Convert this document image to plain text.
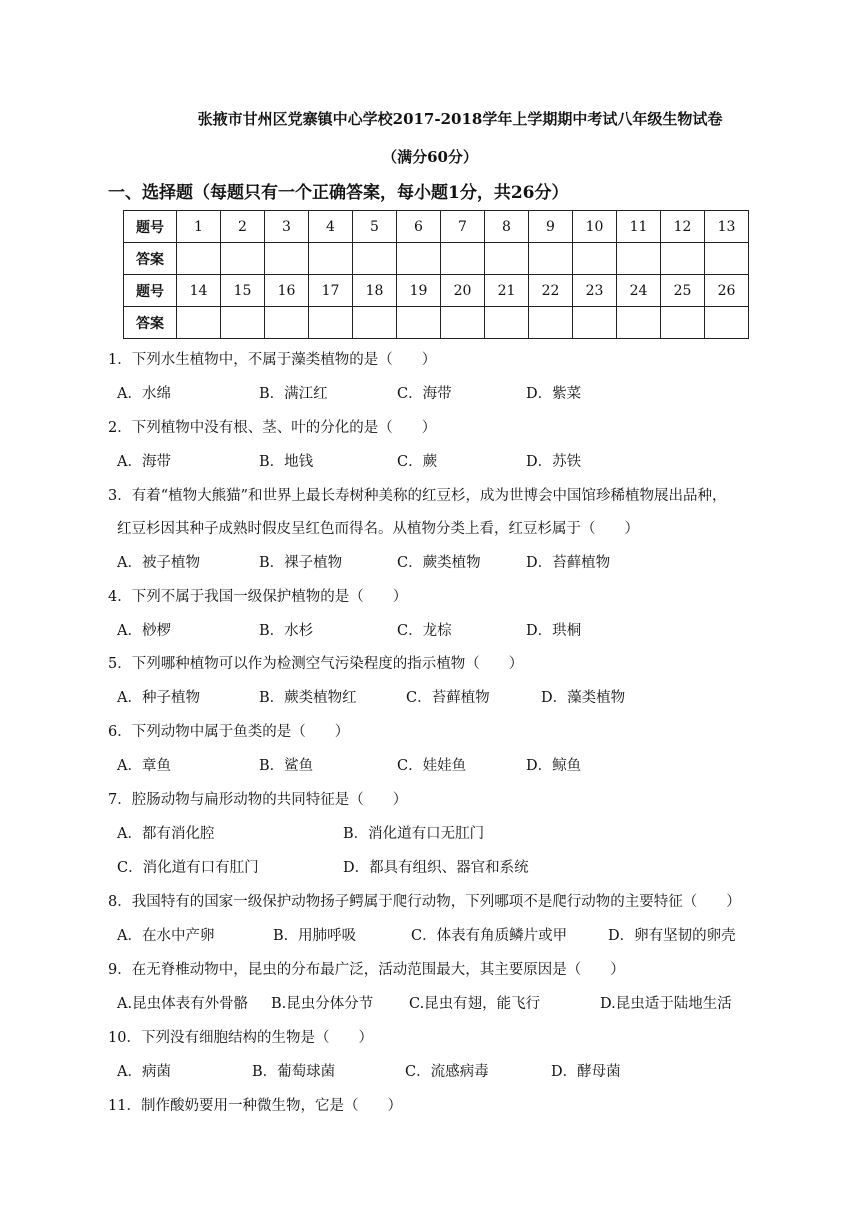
张掖市甘州区党寨镇中心学校2017-2018学年上学期期中考试八年级生物试卷
（满分60分）
一、选择题（每题只有一个正确答案，每小题1分，共26分）
题号	1	2	3	4	5	6	7	8	9	10	11	12	13
答案													
题号	14	15	16	17	18	19	20	21	22	23	24	25	26
答案													
1．下列水生植物中，不属于藻类植物的是（　　）
A．水绵	B．满江红	C．海带	D．紫菜
2．下列植物中没有根、茎、叶的分化的是（　　）
A．海带	B．地钱	C．蕨	D．苏铁
3．有着“植物大熊猫”和世界上最长寿树种美称的红豆杉，成为世博会中国馆珍稀植物展出品种，
红豆杉因其种子成熟时假皮呈红色而得名。从植物分类上看，红豆杉属于（　　）
A．被子植物	B．裸子植物	C．蕨类植物	D．苔藓植物
4．下列不属于我国一级保护植物的是（　　）
A．桫椤	B．水杉	C．龙棕	D．珙桐
5．下列哪种植物可以作为检测空气污染程度的指示植物（　　）
A．种子植物	B．蕨类植物红	C．苔藓植物	D．藻类植物
6．下列动物中属于鱼类的是（　　）
A．章鱼	B．鲨鱼	C．娃娃鱼	D．鲸鱼
7．腔肠动物与扁形动物的共同特征是（　　）
A．都有消化腔	B．消化道有口无肛门
C．消化道有口有肛门	D．都具有组织、器官和系统
8．我国特有的国家一级保护动物扬子鳄属于爬行动物，下列哪项不是爬行动物的主要特征（　　）
A．在水中产卵	B．用肺呼吸	C．体表有角质鳞片或甲	D．卵有坚韧的卵壳
9．在无脊椎动物中，昆虫的分布最广泛，活动范围最大，其主要原因是（　　）
A.昆虫体表有外骨骼 B.昆虫分体分节 C.昆虫有翅，能飞行	D.昆虫适于陆地生活
10．下列没有细胞结构的生物是（　　）
A．病菌	B．葡萄球菌	C．流感病毒	D．酵母菌
11．制作酸奶要用一种微生物，它是（　　）
